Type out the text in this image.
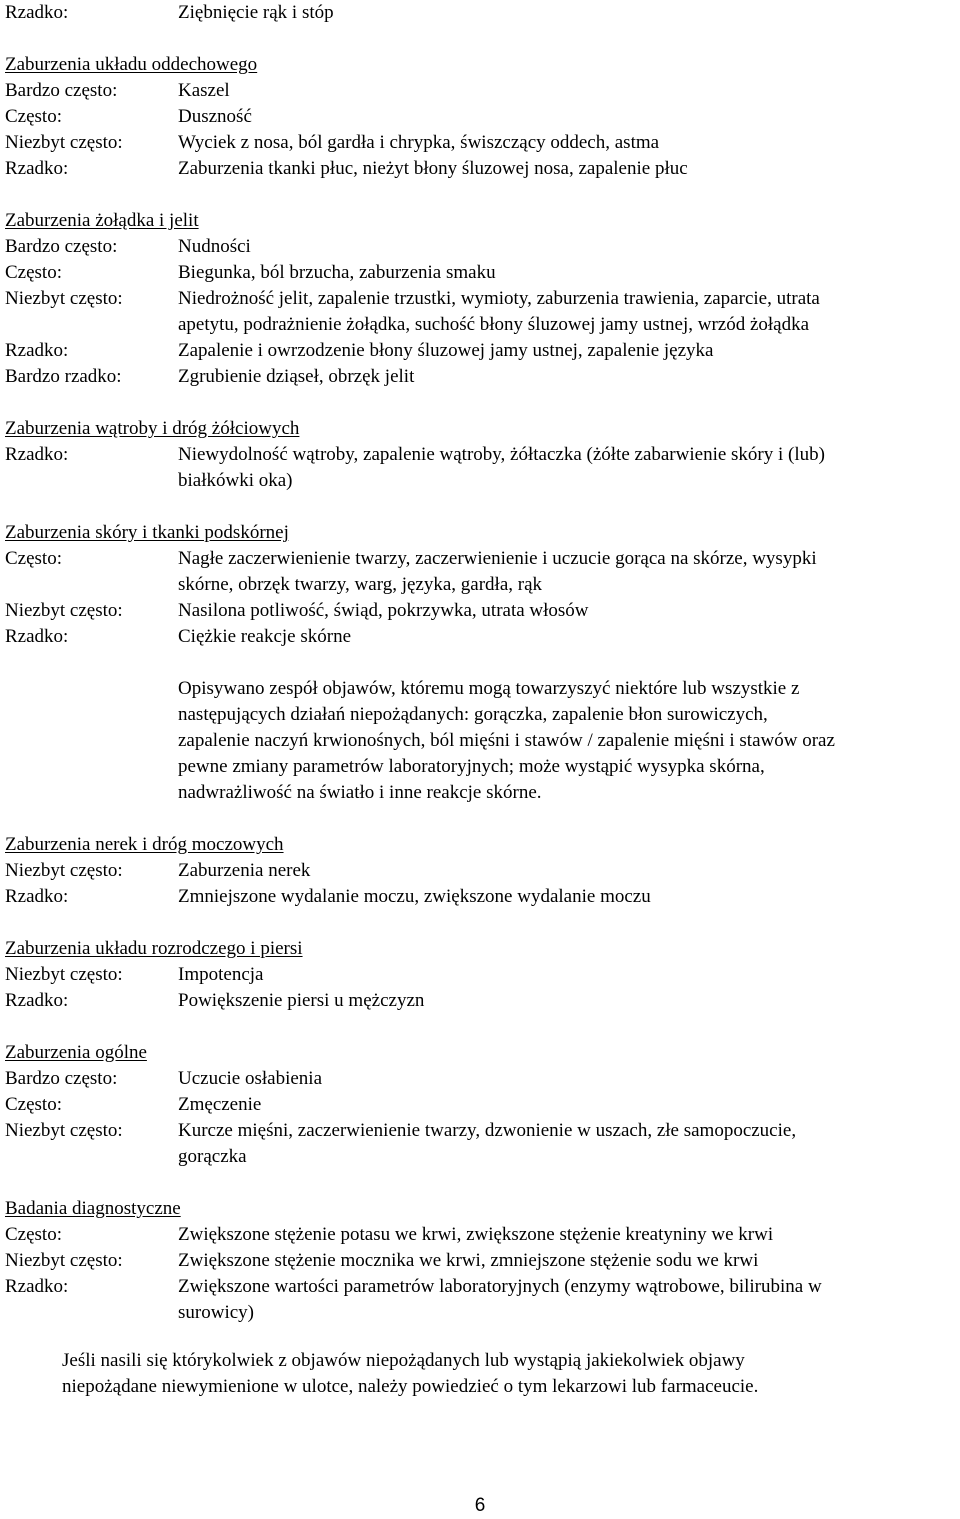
Rzadko:	Ziębnięcie rąk i stóp
Zaburzenia układu oddechowego
Bardzo często:	Kaszel
Często:	Duszność
Niezbyt często:	Wyciek z nosa, ból gardła i chrypka, świszczący oddech, astma
Rzadko:	Zaburzenia tkanki płuc, nieżyt błony śluzowej nosa, zapalenie płuc
Zaburzenia żołądka i jelit
Bardzo często:	Nudności
Często:	Biegunka, ból brzucha, zaburzenia smaku
Niezbyt często:	Niedrożność jelit, zapalenie trzustki, wymioty, zaburzenia trawienia, zaparcie, utrata
apetytu, podrażnienie żołądka, suchość błony śluzowej jamy ustnej, wrzód żołądka
Rzadko:	Zapalenie i owrzodzenie błony śluzowej jamy ustnej, zapalenie języka
Bardzo rzadko:	Zgrubienie dziąseł, obrzęk jelit
Zaburzenia wątroby i dróg żółciowych
Rzadko:	Niewydolność wątroby, zapalenie wątroby, żółtaczka (żółte zabarwienie skóry i (lub)
białkówki oka)
Zaburzenia skóry i tkanki podskórnej
Często:	Nagłe zaczerwienienie twarzy, zaczerwienienie i uczucie gorąca na skórze, wysypki
skórne, obrzęk twarzy, warg, języka, gardła, rąk
Niezbyt często:	Nasilona potliwość, świąd, pokrzywka, utrata włosów
Rzadko:	Ciężkie reakcje skórne
Opisywano zespół objawów, któremu mogą towarzyszyć niektóre lub wszystkie z
następujących działań niepożądanych: gorączka, zapalenie błon surowiczych,
zapalenie naczyń krwionośnych, ból mięśni i stawów / zapalenie mięśni i stawów oraz
pewne zmiany parametrów laboratoryjnych; może wystąpić wysypka skórna,
nadwrażliwość na światło i inne reakcje skórne.
Zaburzenia nerek i dróg moczowych
Niezbyt często:	Zaburzenia nerek
Rzadko:	Zmniejszone wydalanie moczu, zwiększone wydalanie moczu
Zaburzenia układu rozrodczego i piersi
Niezbyt często:	Impotencja
Rzadko:	Powiększenie piersi u mężczyzn
Zaburzenia ogólne
Bardzo często:	Uczucie osłabienia
Często:	Zmęczenie
Niezbyt często:	Kurcze mięśni, zaczerwienienie twarzy, dzwonienie w uszach, złe samopoczucie,
gorączka
Badania diagnostyczne
Często:	Zwiększone stężenie potasu we krwi, zwiększone stężenie kreatyniny we krwi
Niezbyt często:	Zwiększone stężenie mocznika we krwi, zmniejszone stężenie sodu we krwi
Rzadko:	Zwiększone wartości parametrów laboratoryjnych (enzymy wątrobowe, bilirubina w
surowicy)
Jeśli nasili się którykolwiek z objawów niepożądanych lub wystąpią jakiekolwiek objawy
niepożądane niewymienione w ulotce, należy powiedzieć o tym lekarzowi lub farmaceucie.
6
